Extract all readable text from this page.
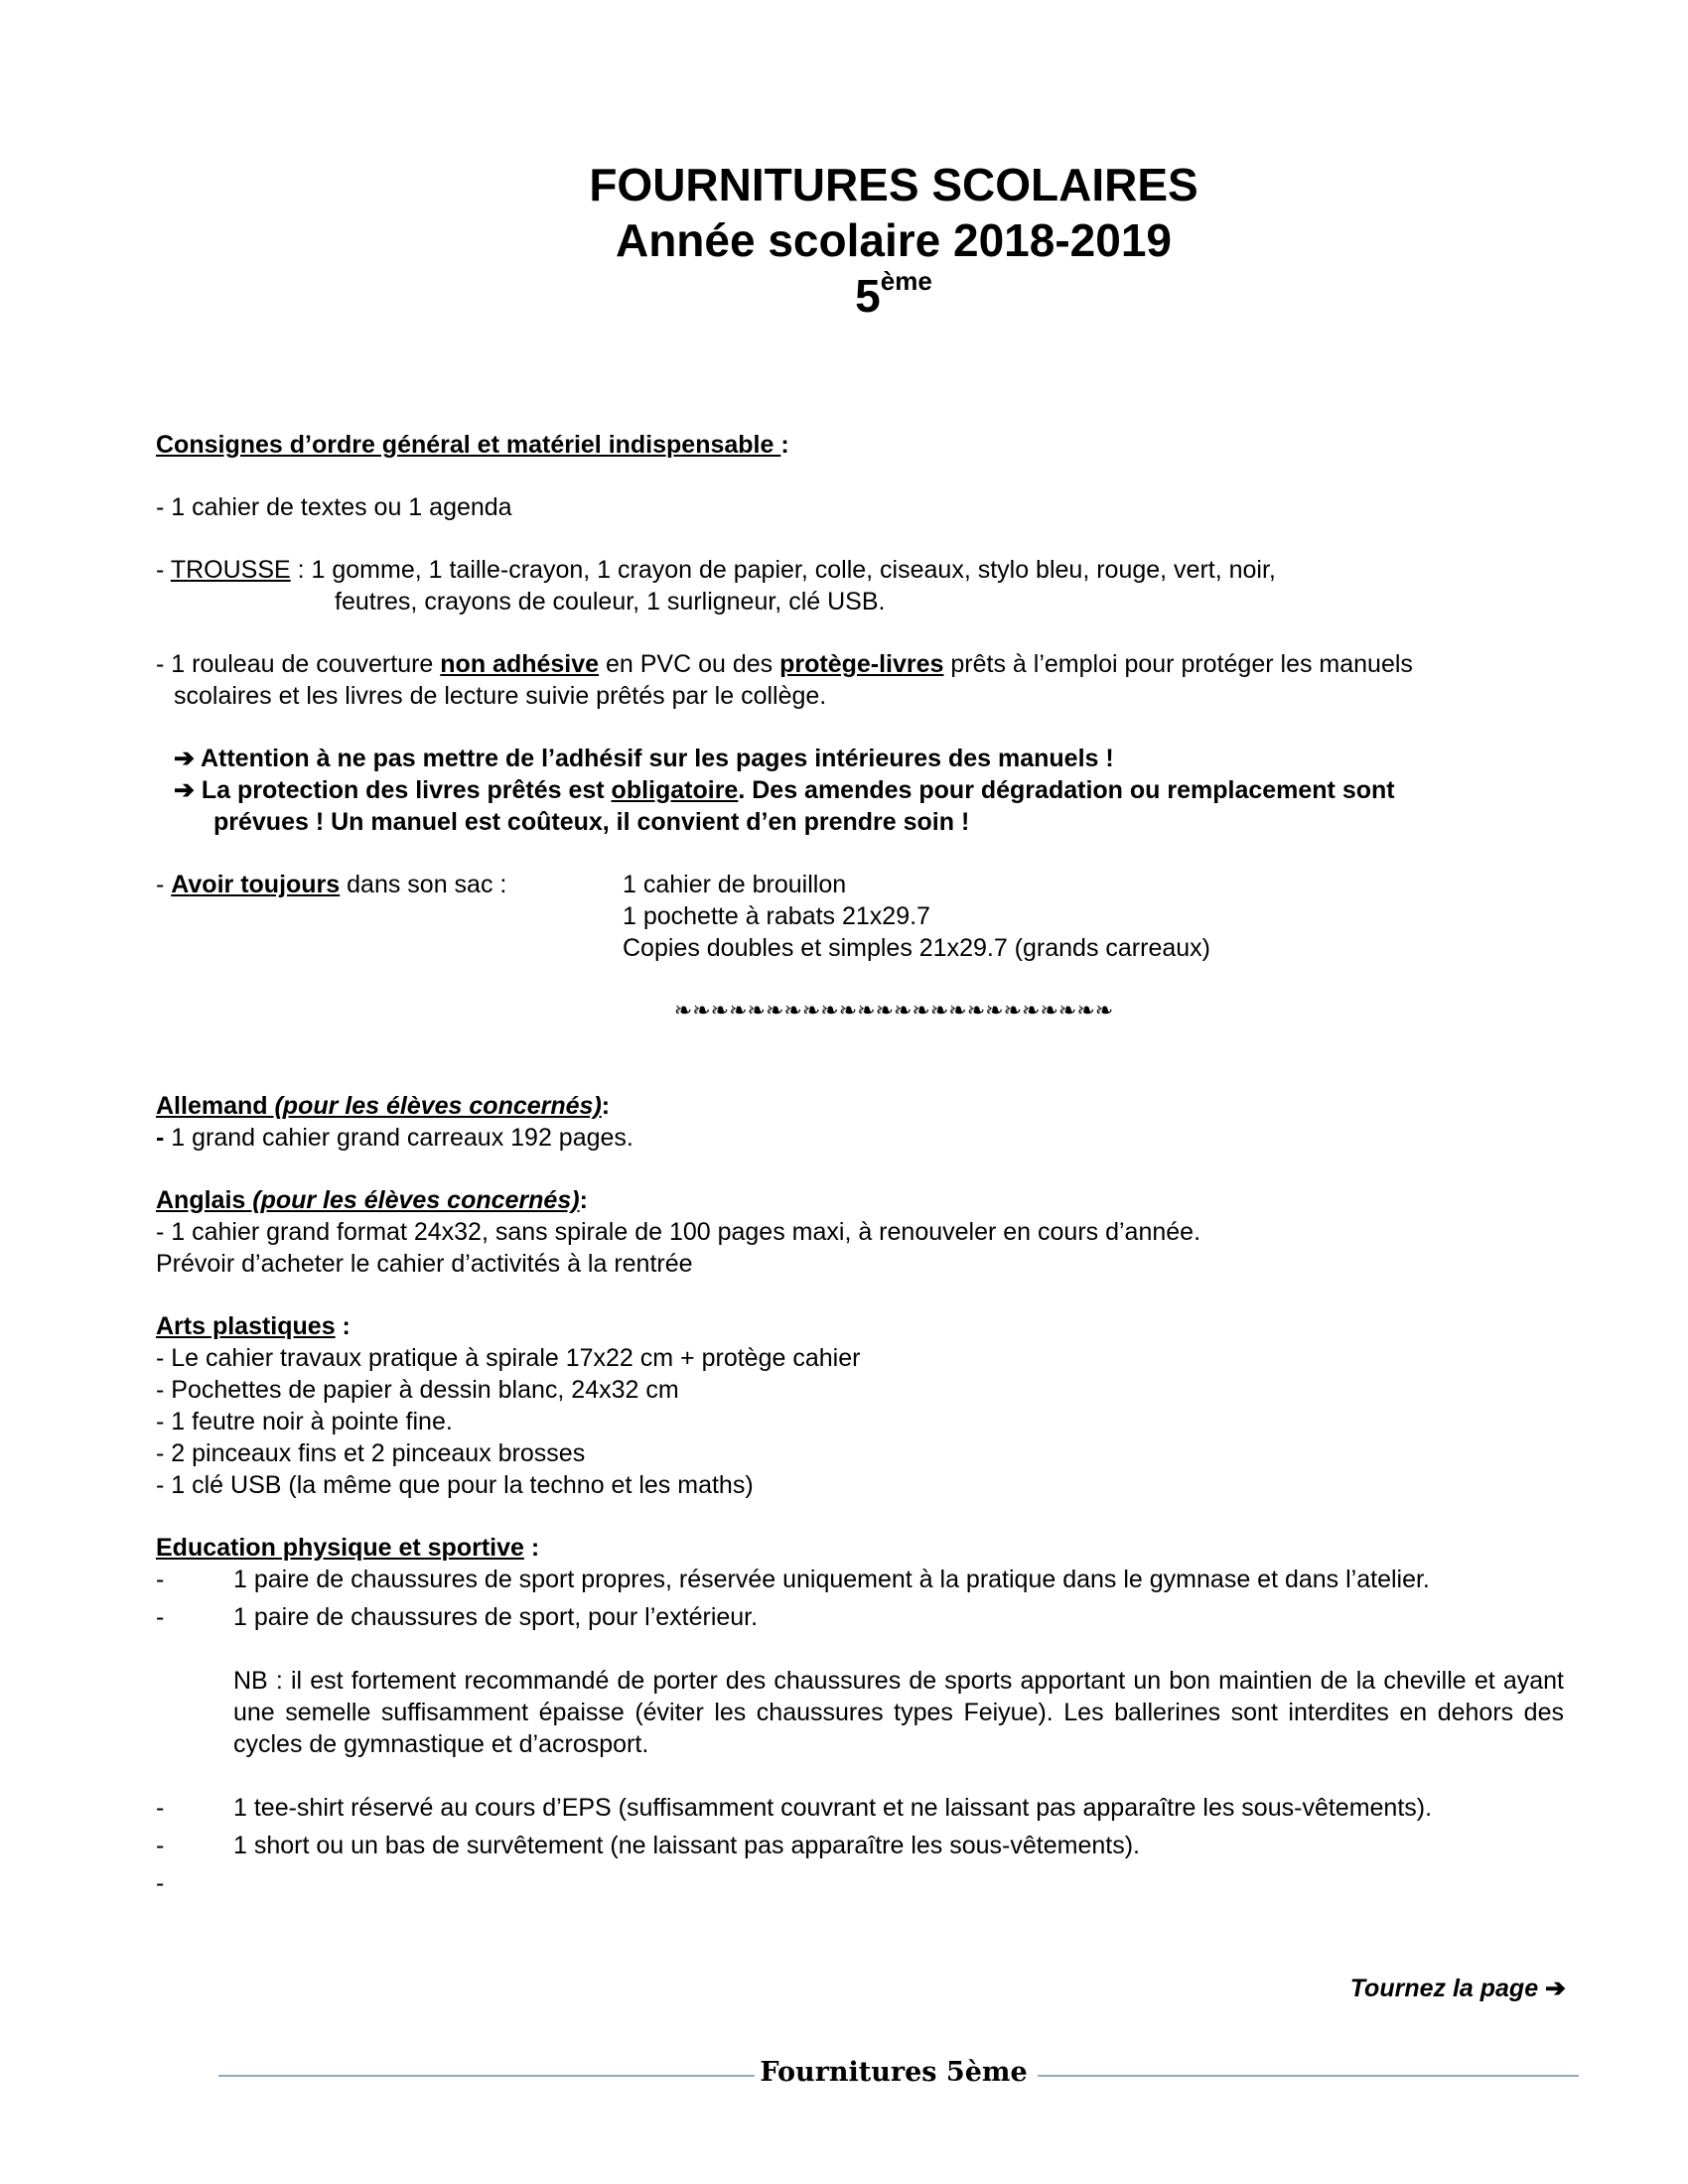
FOURNITURES SCOLAIRES
Année scolaire 2018-2019
5ème
Consignes d’ordre général et matériel indispensable :
- 1 cahier de textes ou 1 agenda
- TROUSSE : 1 gomme, 1 taille-crayon, 1 crayon de papier, colle, ciseaux, stylo bleu, rouge, vert, noir,
feutres, crayons de couleur, 1 surligneur, clé USB.
- 1 rouleau de couverture non adhésive en PVC ou des protège-livres prêts à l’emploi pour protéger les manuels
scolaires et les livres de lecture suivie prêtés par le collège.
➔ Attention à ne pas mettre de l’adhésif sur les pages intérieures des manuels !
➔ La protection des livres prêtés est obligatoire. Des amendes pour dégradation ou remplacement sont
prévues ! Un manuel est coûteux, il convient d’en prendre soin !
- Avoir toujours dans son sac :	1 cahier de brouillon
1 pochette à rabats 21x29.7
Copies doubles et simples 21x29.7 (grands carreaux)
❧❧❧❧❧❧❧❧❧❧❧❧❧❧❧❧❧❧❧❧❧❧❧❧
Allemand (pour les élèves concernés):
- 1 grand cahier grand carreaux 192 pages.
Anglais (pour les élèves concernés):
- 1 cahier grand format 24x32, sans spirale de 100 pages maxi, à renouveler en cours d’année.
Prévoir d’acheter le cahier d’activités à la rentrée
Arts plastiques :
- Le cahier travaux pratique à spirale 17x22 cm + protège cahier
- Pochettes de papier à dessin blanc, 24x32 cm
- 1 feutre noir à pointe fine.
- 2 pinceaux fins et 2 pinceaux brosses
- 1 clé USB (la même que pour la techno et les maths)
Education physique et sportive :
-	1 paire de chaussures de sport propres, réservée uniquement à la pratique dans le gymnase et dans l’atelier.
-	1 paire de chaussures de sport, pour l’extérieur.
NB : il est fortement recommandé de porter des chaussures de sports apportant un bon maintien de la cheville et ayant une semelle suffisamment épaisse (éviter les chaussures types Feiyue). Les ballerines sont interdites en dehors des cycles de gymnastique et d’acrosport.
-	1 tee-shirt réservé au cours d’EPS (suffisamment couvrant et ne laissant pas apparaître les sous-vêtements).
-	1 short ou un bas de survêtement (ne laissant pas apparaître les sous-vêtements).
-
Tournez la page ➔
Fournitures 5ème
